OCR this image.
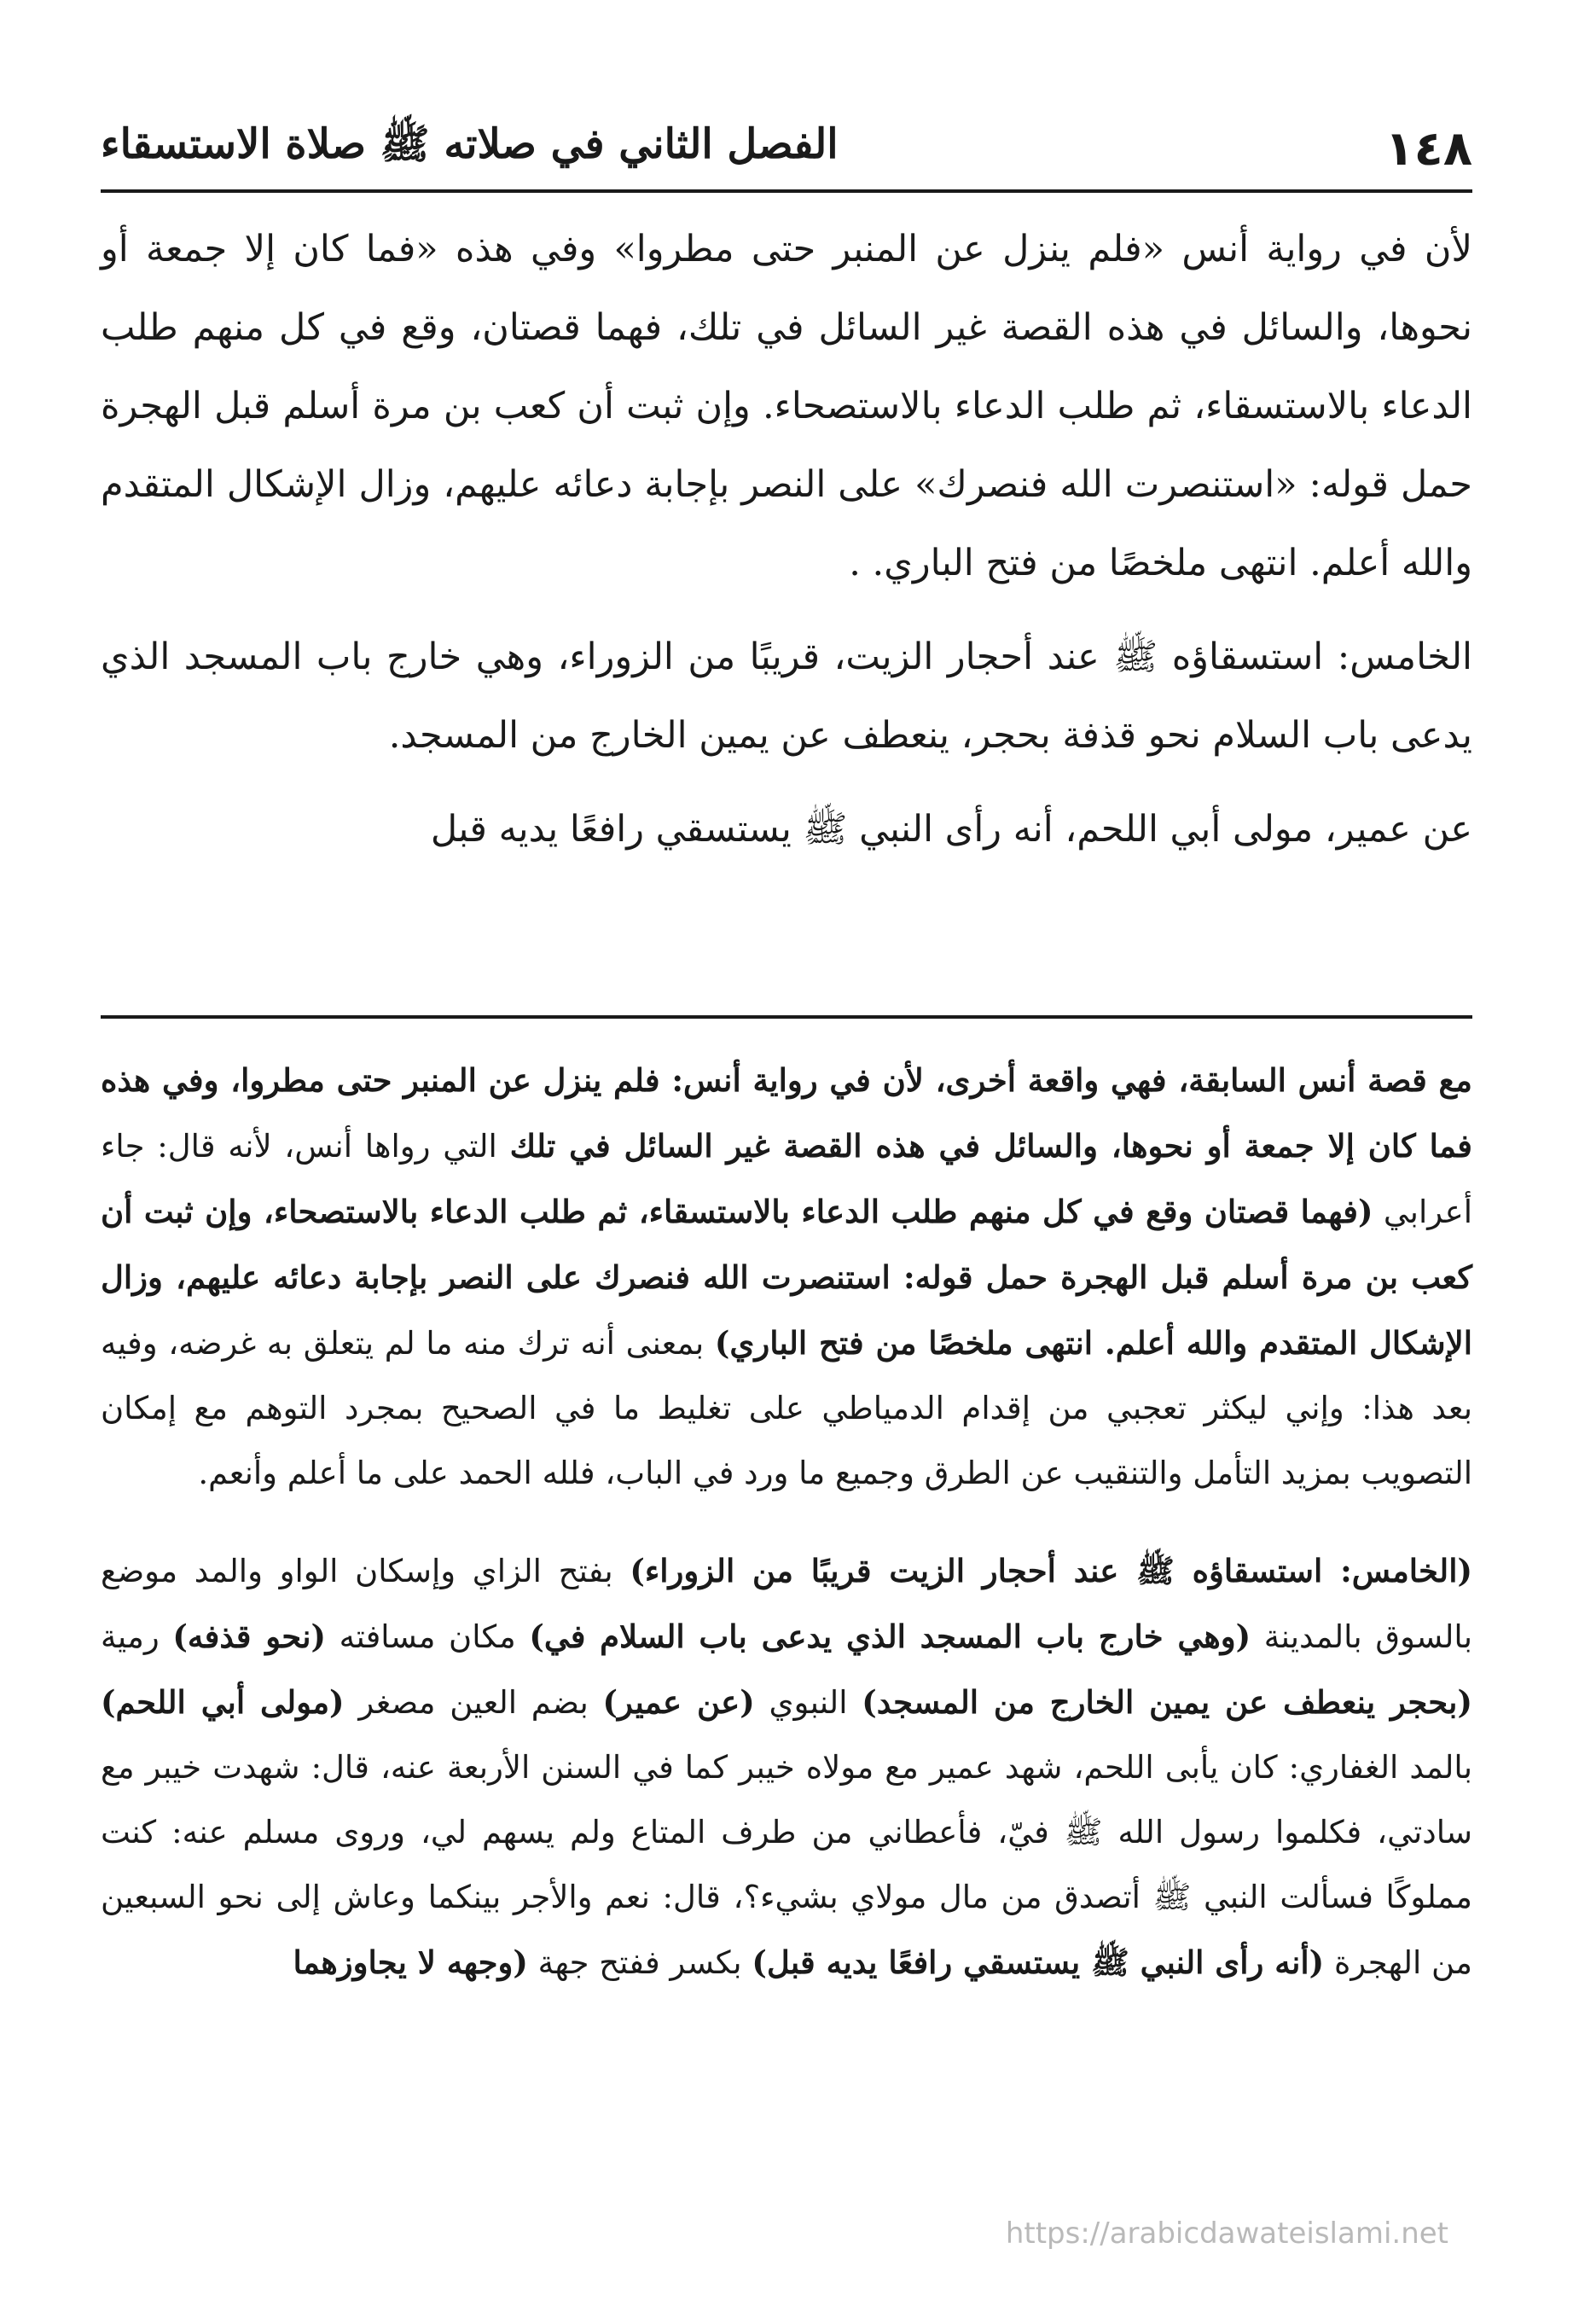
١٤٨
الفصل الثاني في صلاته ﷺ صلاة الاستسقاء

لأن في رواية أنس «فلم ينزل عن المنبر حتى مطروا» وفي هذه «فما كان إلا جمعة أو نحوها، والسائل في هذه القصة غير السائل في تلك، فهما قصتان، وقع في كل منهم طلب الدعاء بالاستسقاء، ثم طلب الدعاء بالاستصحاء. وإن ثبت أن كعب بن مرة أسلم قبل الهجرة حمل قوله: «استنصرت الله فنصرك» على النصر بإجابة دعائه عليهم، وزال الإشكال المتقدم والله أعلم. انتهى ملخصًا من فتح الباري. .

الخامس: استسقاؤه ﷺ عند أحجار الزيت، قريبًا من الزوراء، وهي خارج باب المسجد الذي يدعى باب السلام نحو قذفة بحجر، ينعطف عن يمين الخارج من المسجد.

عن عمير، مولى أبي اللحم، أنه رأى النبي ﷺ يستسقي رافعًا يديه قبل

مع قصة أنس السابقة، فهي واقعة أخرى، لأن في رواية أنس: فلم ينزل عن المنبر حتى مطروا، وفي هذه فما كان إلا جمعة أو نحوها، والسائل في هذه القصة غير السائل في تلك التي رواها أنس، لأنه قال: جاء أعرابي (فهما قصتان وقع في كل منهم طلب الدعاء بالاستسقاء، ثم طلب الدعاء بالاستصحاء، وإن ثبت أن كعب بن مرة أسلم قبل الهجرة حمل قوله: استنصرت الله فنصرك على النصر بإجابة دعائه عليهم، وزال الإشكال المتقدم والله أعلم. انتهى ملخصًا من فتح الباري) بمعنى أنه ترك منه ما لم يتعلق به غرضه، وفيه بعد هذا: وإني ليكثر تعجبي من إقدام الدمياطي على تغليط ما في الصحيح بمجرد التوهم مع إمكان التصويب بمزيد التأمل والتنقيب عن الطرق وجميع ما ورد في الباب، فلله الحمد على ما أعلم وأنعم.

(الخامس: استسقاؤه ﷺ عند أحجار الزيت قريبًا من الزوراء) بفتح الزاي وإسكان الواو والمد موضع بالسوق بالمدينة (وهي خارج باب المسجد الذي يدعى باب السلام في) مكان مسافته (نحو قذفه) رمية (بحجر ينعطف عن يمين الخارج من المسجد) النبوي (عن عمير) بضم العين مصغر (مولى أبي اللحم) بالمد الغفاري: كان يأبى اللحم، شهد عمير مع مولاه خيبر كما في السنن الأربعة عنه، قال: شهدت خيبر مع سادتي، فكلموا رسول الله ﷺ فيّ، فأعطاني من طرف المتاع ولم يسهم لي، وروى مسلم عنه: كنت مملوكًا فسألت النبي ﷺ أتصدق من مال مولاي بشيء؟، قال: نعم والأجر بينكما وعاش إلى نحو السبعين من الهجرة (أنه رأى النبي ﷺ يستسقي رافعًا يديه قبل) بكسر ففتح جهة (وجهه لا يجاوزهما

https://arabicdawateislami.net
